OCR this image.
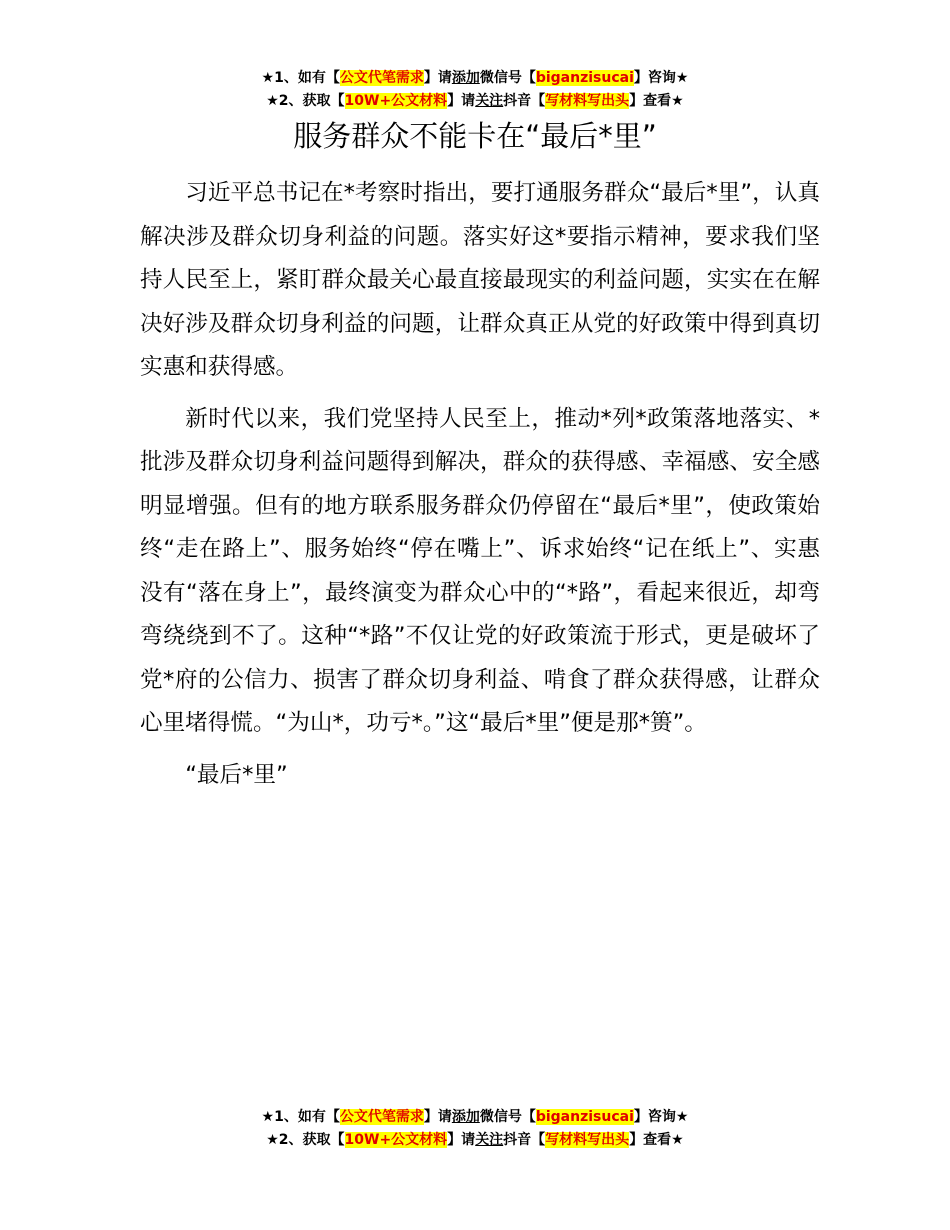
★1、如有【公文代笔需求】请添加微信号【biganzisucai】咨询★
★2、获取【10W+公文材料】请关注抖音【写材料写出头】查看★
服务群众不能卡在“最后*里”

习近平总书记在*考察时指出，要打通服务群众“最后*里”，认真解决涉及群众切身利益的问题。落实好这*要指示精神，要求我们坚持人民至上，紧盯群众最关心最直接最现实的利益问题，实实在在解决好涉及群众切身利益的问题，让群众真正从党的好政策中得到真切实惠和获得感。

新时代以来，我们党坚持人民至上，推动*列*政策落地落实、*批涉及群众切身利益问题得到解决，群众的获得感、幸福感、安全感明显增强。但有的地方联系服务群众仍停留在“最后*里”，使政策始终“走在路上”、服务始终“停在嘴上”、诉求始终“记在纸上”、实惠没有“落在身上”，最终演变为群众心中的“*路”，看起来很近，却弯弯绕绕到不了。这种“*路”不仅让党的好政策流于形式，更是破坏了党*府的公信力、损害了群众切身利益、啃食了群众获得感，让群众心里堵得慌。“为山*，功亏*。”这“最后*里”便是那*篑”。

“最后*里”

★1、如有【公文代笔需求】请添加微信号【biganzisucai】咨询★
★2、获取【10W+公文材料】请关注抖音【写材料写出头】查看★
